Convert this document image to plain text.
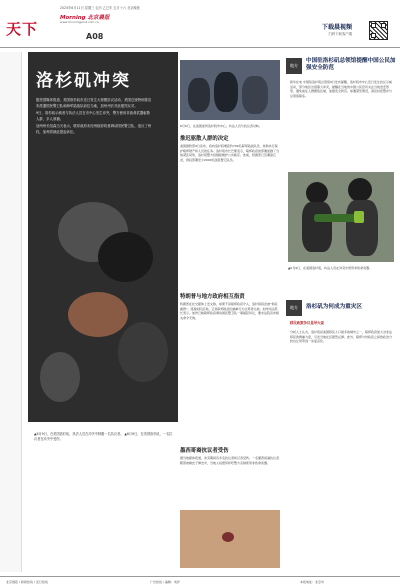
天下
2025年6月11日 星期三 农历 乙巳年 五月十六 北京晚报
Morning 北京晨报
www.morningpost.com.cn
A08
下载晨视频
扫码下载客户端
洛杉矶冲突

据美国媒体报道，美国洛杉矶市近日发生大规模抗议活动，美国总统特朗普宣布派遣国民警卫队和海军陆战队前往当地，加州州长对此强烈反对。

9日，洛杉矶示威者与执法人员在市中心发生冲突，警方使用非致命武器驱散人群，多人被捕。

加州州长纽森当天表示，联邦政府未经州政府同意调动国民警卫队，违反了州权，加州将就此提起诉讼。

▲6月9日，在美国洛杉矶，执法人员在冲突中制服一名抗议者。 ▲6月9日，在美国洛杉矶，一名抗议者在冲突中受伤。
6月9日，在美国加州洛杉矶市中心，执法人员与抗议者对峙。
推迟驱散人群的决定
美国国防部9日宣布，将向洛杉矶增派约700名海军陆战队员，协助执行保护联邦财产和人员的任务。洛杉矶市长巴斯表示，联邦政府的部署加剧了当地紧张局势，洛杉矶警方将继续维护公共秩序。此前，特朗普已签署备忘录，授权部署至少2000名国民警卫队员。
特朗普与地方政府相互指责
特朗普在社交媒体上发文称，如果不是联邦政府介入，洛杉矶将会被“彻底摧毁”。纽森则回应称，正是联邦政府的挑衅行为让局势失控。加州司法部长表示，加州已就联邦政府调动国民警卫队一事提起诉讼，要求法院宣布相关命令无效。
墨西哥裔抗议者受伤
据当地媒体报道，冲突期间有多名抗议者和记者受伤。一名墨西哥裔抗议者腿部被橡皮子弹击中，当地人权组织呼吁警方克制使用非致命武器。
地方
中国驻洛杉矶总领馆提醒中国公民加强安全防范
新华社电 中国驻洛杉矶总领馆9日发布提醒，洛杉矶市中心近日发生抗议示威活动，部分地区出现暴力冲突，提醒在当地的中国公民密切关注当地治安形势，避免前往人群聚集区域，加强安全防范。如遇紧急情况，请及时报警并与总领馆联系。
▲6月9日，在美国洛杉矶，执法人员在冲突中使用非致命武器。
地方	洛杉矶为何成为重灾区
移民政策争议是导火索
分析人士认为，洛杉矶是美国移民人口最多的城市之一，联邦政府加大对非法移民的搜捕力度，引发当地社区强烈反弹。此外，联邦与州政府之间的政治分歧也让局势进一步复杂化。
北京晨报 / 新闻热线 / 发行热线	广告热线 / 编辑：刘洋	本报地址：北京市
